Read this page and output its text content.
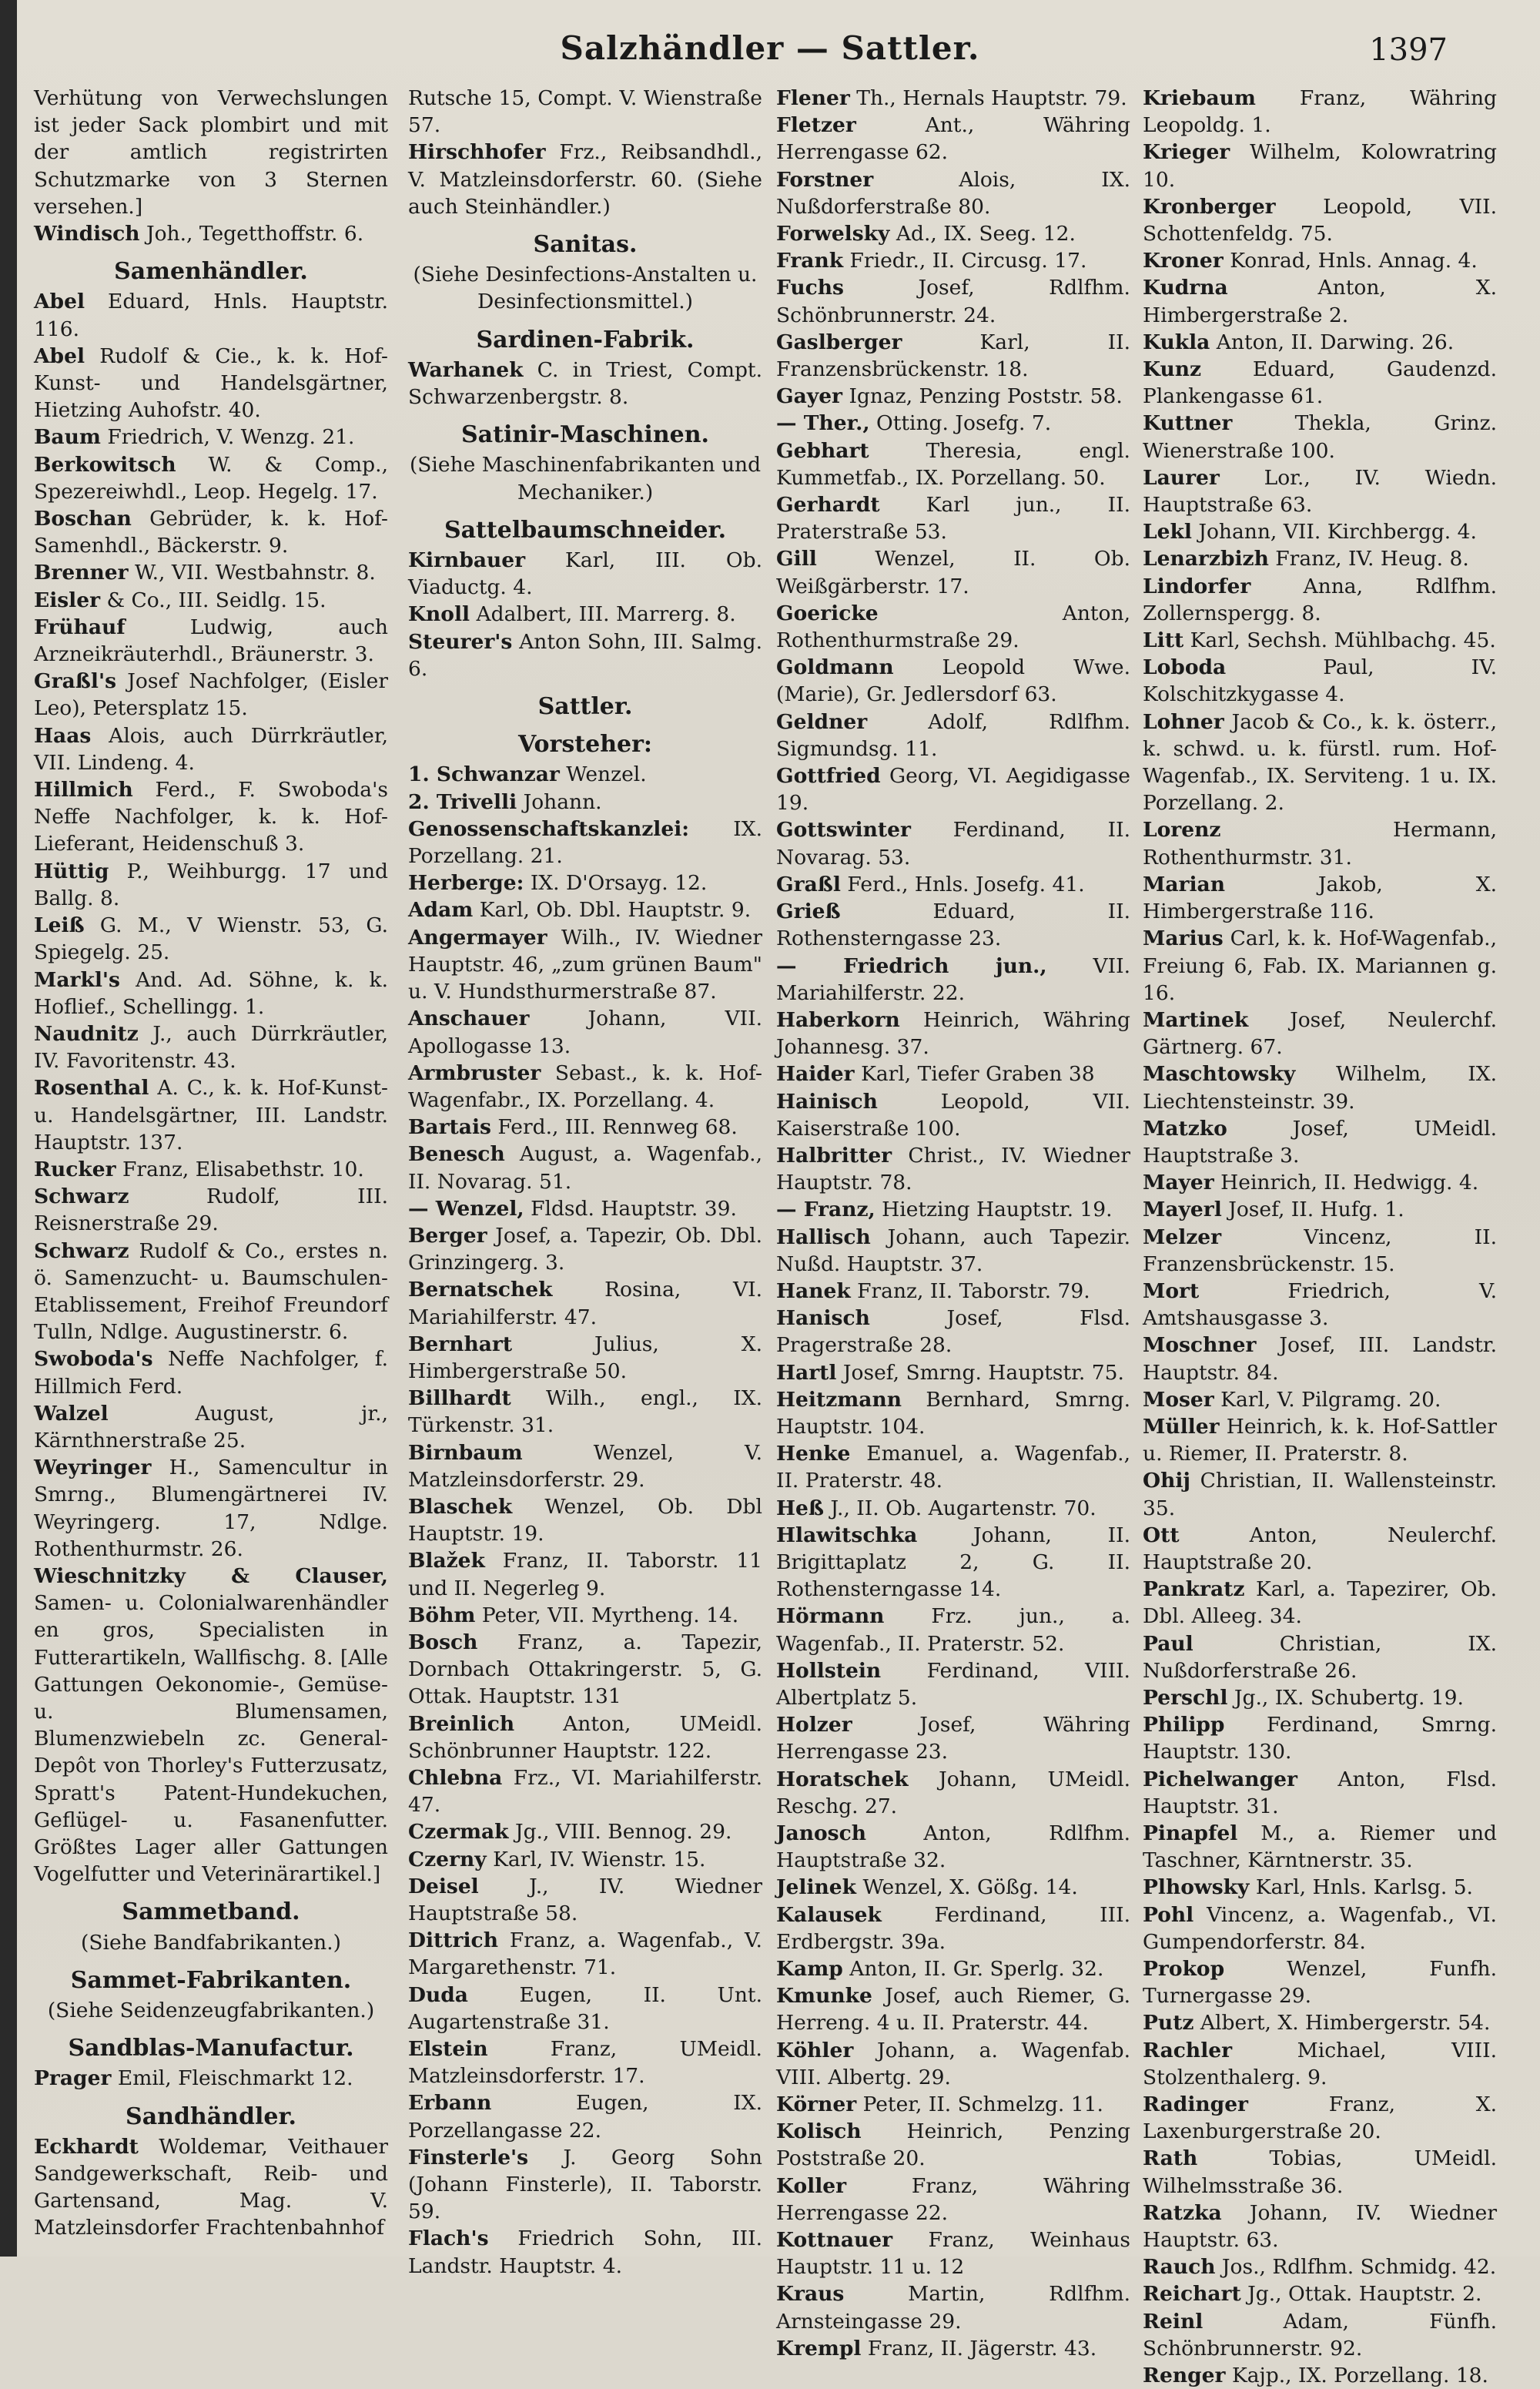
Salzhändler — Sattler.	1397
Verhütung von Verwechslungen ist jeder Sack plombirt und mit der amtlich registrirten Schutzmarke von 3 Sternen versehen.]
Windisch Joh., Tegetthoffstr. 6.
Samenhändler.
Abel Eduard, Hnls. Hauptstr. 116.
Abel Rudolf & Cie., k. k. Hof-Kunst- und Handelsgärtner, Hietzing Auhofstr. 40.
Baum Friedrich, V. Wenzg. 21.
Berkowitsch W. & Comp., Spezereiwhdl., Leop. Hegelg. 17.
Boschan Gebrüder, k. k. Hof-Samenhdl., Bäckerstr. 9.
Brenner W., VII. Westbahnstr. 8.
Eisler & Co., III. Seidlg. 15.
Frühauf Ludwig, auch Arzneikräuterhdl., Bräunerstr. 3.
Graßl's Josef Nachfolger, (Eisler Leo), Petersplatz 15.
Haas Alois, auch Dürrkräutler, VII. Lindeng. 4.
Hillmich Ferd., F. Swoboda's Neffe Nachfolger, k. k. Hof-Lieferant, Heidenschuß 3.
Hüttig P., Weihburgg. 17 und Ballg. 8.
Leiß G. M., V Wienstr. 53, G. Spiegelg. 25.
Markl's And. Ad. Söhne, k. k. Hoflief., Schellingg. 1.
Naudnitz J., auch Dürrkräutler, IV. Favoritenstr. 43.
Rosenthal A. C., k. k. Hof-Kunst- u. Handelsgärtner, III. Landstr. Hauptstr. 137.
Rucker Franz, Elisabethstr. 10.
Schwarz Rudolf, III. Reisnerstraße 29.
Schwarz Rudolf & Co., erstes n. ö. Samenzucht- u. Baumschulen-Etablissement, Freihof Freundorf Tulln, Ndlge. Augustinerstr. 6.
Swoboda's Neffe Nachfolger, f. Hillmich Ferd.
Walzel August, jr., Kärnthnerstraße 25.
Weyringer H., Samencultur in Smrng., Blumengärtnerei IV. Weyringerg. 17, Ndlge. Rothenthurmstr. 26.
Wieschnitzky & Clauser, Samen- u. Colonialwarenhändler en gros, Specialisten in Futterartikeln, Wallfischg. 8. [Alle Gattungen Oekonomie-, Gemüse- u. Blumensamen, Blumenzwiebeln zc. General-Depôt von Thorley's Futterzusatz, Spratt's Patent-Hundekuchen, Geflügel- u. Fasanenfutter. Größtes Lager aller Gattungen Vogelfutter und Veterinärartikel.]
Sammetband.
(Siehe Bandfabrikanten.)
Sammet-Fabrikanten.
(Siehe Seidenzeugfabrikanten.)
Sandblas-Manufactur.
Prager Emil, Fleischmarkt 12.
Sandhändler.
Eckhardt Woldemar, Veithauer Sandgewerkschaft, Reib- und Gartensand, Mag. V. Matzleinsdorfer Frachtenbahnhof
Rutsche 15, Compt. V. Wienstraße 57.
Hirschhofer Frz., Reibsandhdl., V. Matzleinsdorferstr. 60. (Siehe auch Steinhändler.)
Sanitas.
(Siehe Desinfections-Anstalten u. Desinfectionsmittel.)
Sardinen-Fabrik.
Warhanek C. in Triest, Compt. Schwarzenbergstr. 8.
Satinir-Maschinen.
(Siehe Maschinenfabrikanten und Mechaniker.)
Sattelbaumschneider.
Kirnbauer Karl, III. Ob. Viaductg. 4.
Knoll Adalbert, III. Marrerg. 8.
Steurer's Anton Sohn, III. Salmg. 6.
Sattler.
Vorsteher:
1. Schwanzar Wenzel.
2. Trivelli Johann.
Genossenschaftskanzlei: IX. Porzellang. 21.
Herberge: IX. D'Orsayg. 12.
Adam Karl, Ob. Dbl. Hauptstr. 9.
Angermayer Wilh., IV. Wiedner Hauptstr. 46, „zum grünen Baum" u. V. Hundsthurmerstraße 87.
Anschauer Johann, VII. Apollogasse 13.
Armbruster Sebast., k. k. Hof-Wagenfabr., IX. Porzellang. 4.
Bartais Ferd., III. Rennweg 68.
Benesch August, a. Wagenfab., II. Novarag. 51.
— Wenzel, Fldsd. Hauptstr. 39.
Berger Josef, a. Tapezir, Ob. Dbl. Grinzingerg. 3.
Bernatschek Rosina, VI. Mariahilferstr. 47.
Bernhart Julius, X. Himbergerstraße 50.
Billhardt Wilh., engl., IX. Türkenstr. 31.
Birnbaum Wenzel, V. Matzleinsdorferstr. 29.
Blaschek Wenzel, Ob. Dbl Hauptstr. 19.
Blažek Franz, II. Taborstr. 11 und II. Negerleg 9.
Böhm Peter, VII. Myrtheng. 14.
Bosch Franz, a. Tapezir, Dornbach Ottakringerstr. 5, G. Ottak. Hauptstr. 131
Breinlich Anton, UMeidl. Schönbrunner Hauptstr. 122.
Chlebna Frz., VI. Mariahilferstr. 47.
Czermak Jg., VIII. Bennog. 29.
Czerny Karl, IV. Wienstr. 15.
Deisel J., IV. Wiedner Hauptstraße 58.
Dittrich Franz, a. Wagenfab., V. Margarethenstr. 71.
Duda Eugen, II. Unt. Augartenstraße 31.
Elstein Franz, UMeidl. Matzleinsdorferstr. 17.
Erbann Eugen, IX. Porzellangasse 22.
Finsterle's J. Georg Sohn (Johann Finsterle), II. Taborstr. 59.
Flach's Friedrich Sohn, III. Landstr. Hauptstr. 4.
Flener Th., Hernals Hauptstr. 79.
Fletzer Ant., Währing Herrengasse 62.
Forstner Alois, IX. Nußdorferstraße 80.
Forwelsky Ad., IX. Seeg. 12.
Frank Friedr., II. Circusg. 17.
Fuchs Josef, Rdlfhm. Schönbrunnerstr. 24.
Gaslberger Karl, II. Franzensbrückenstr. 18.
Gayer Ignaz, Penzing Poststr. 58.
— Ther., Otting. Josefg. 7.
Gebhart Theresia, engl. Kummetfab., IX. Porzellang. 50.
Gerhardt Karl jun., II. Praterstraße 53.
Gill Wenzel, II. Ob. Weißgärberstr. 17.
Goericke Anton, Rothenthurmstraße 29.
Goldmann Leopold Wwe. (Marie), Gr. Jedlersdorf 63.
Geldner Adolf, Rdlfhm. Sigmundsg. 11.
Gottfried Georg, VI. Aegidigasse 19.
Gottswinter Ferdinand, II. Novarag. 53.
Graßl Ferd., Hnls. Josefg. 41.
Grieß Eduard, II. Rothensterngasse 23.
— Friedrich jun., VII. Mariahilferstr. 22.
Haberkorn Heinrich, Währing Johannesg. 37.
Haider Karl, Tiefer Graben 38
Hainisch Leopold, VII. Kaiserstraße 100.
Halbritter Christ., IV. Wiedner Hauptstr. 78.
— Franz, Hietzing Hauptstr. 19.
Hallisch Johann, auch Tapezir. Nußd. Hauptstr. 37.
Hanek Franz, II. Taborstr. 79.
Hanisch Josef, Flsd. Pragerstraße 28.
Hartl Josef, Smrng. Hauptstr. 75.
Heitzmann Bernhard, Smrng. Hauptstr. 104.
Henke Emanuel, a. Wagenfab., II. Praterstr. 48.
Heß J., II. Ob. Augartenstr. 70.
Hlawitschka Johann, II. Brigittaplatz 2, G. II. Rothensterngasse 14.
Hörmann Frz. jun., a. Wagenfab., II. Praterstr. 52.
Hollstein Ferdinand, VIII. Albertplatz 5.
Holzer Josef, Währing Herrengasse 23.
Horatschek Johann, UMeidl. Reschg. 27.
Janosch Anton, Rdlfhm. Hauptstraße 32.
Jelinek Wenzel, X. Gößg. 14.
Kalausek Ferdinand, III. Erdbergstr. 39a.
Kamp Anton, II. Gr. Sperlg. 32.
Kmunke Josef, auch Riemer, G. Herreng. 4 u. II. Praterstr. 44.
Köhler Johann, a. Wagenfab. VIII. Albertg. 29.
Körner Peter, II. Schmelzg. 11.
Kolisch Heinrich, Penzing Poststraße 20.
Koller Franz, Währing Herrengasse 22.
Kottnauer Franz, Weinhaus Hauptstr. 11 u. 12
Kraus Martin, Rdlfhm. Arnsteingasse 29.
Krempl Franz, II. Jägerstr. 43.
Kriebaum Franz, Währing Leopoldg. 1.
Krieger Wilhelm, Kolowratring 10.
Kronberger Leopold, VII. Schottenfeldg. 75.
Kroner Konrad, Hnls. Annag. 4.
Kudrna Anton, X. Himbergerstraße 2.
Kukla Anton, II. Darwing. 26.
Kunz Eduard, Gaudenzd. Plankengasse 61.
Kuttner Thekla, Grinz. Wienerstraße 100.
Laurer Lor., IV. Wiedn. Hauptstraße 63.
Lekl Johann, VII. Kirchbergg. 4.
Lenarzbizh Franz, IV. Heug. 8.
Lindorfer Anna, Rdlfhm. Zollernspergg. 8.
Litt Karl, Sechsh. Mühlbachg. 45.
Loboda Paul, IV. Kolschitzkygasse 4.
Lohner Jacob & Co., k. k. österr., k. schwd. u. k. fürstl. rum. Hof-Wagenfab., IX. Serviteng. 1 u. IX. Porzellang. 2.
Lorenz Hermann, Rothenthurmstr. 31.
Marian Jakob, X. Himbergerstraße 116.
Marius Carl, k. k. Hof-Wagenfab., Freiung 6, Fab. IX. Mariannen g. 16.
Martinek Josef, Neulerchf. Gärtnerg. 67.
Maschtowsky Wilhelm, IX. Liechtensteinstr. 39.
Matzko Josef, UMeidl. Hauptstraße 3.
Mayer Heinrich, II. Hedwigg. 4.
Mayerl Josef, II. Hufg. 1.
Melzer Vincenz, II. Franzensbrückenstr. 15.
Mort Friedrich, V. Amtshausgasse 3.
Moschner Josef, III. Landstr. Hauptstr. 84.
Moser Karl, V. Pilgramg. 20.
Müller Heinrich, k. k. Hof-Sattler u. Riemer, II. Praterstr. 8.
Ohij Christian, II. Wallensteinstr. 35.
Ott Anton, Neulerchf. Hauptstraße 20.
Pankratz Karl, a. Tapezirer, Ob. Dbl. Alleeg. 34.
Paul Christian, IX. Nußdorferstraße 26.
Perschl Jg., IX. Schubertg. 19.
Philipp Ferdinand, Smrng. Hauptstr. 130.
Pichelwanger Anton, Flsd. Hauptstr. 31.
Pinapfel M., a. Riemer und Taschner, Kärntnerstr. 35.
Plhowsky Karl, Hnls. Karlsg. 5.
Pohl Vincenz, a. Wagenfab., VI. Gumpendorferstr. 84.
Prokop Wenzel, Funfh. Turnergasse 29.
Putz Albert, X. Himbergerstr. 54.
Rachler Michael, VIII. Stolzenthalerg. 9.
Radinger Franz, X. Laxenburgerstraße 20.
Rath Tobias, UMeidl. Wilhelmsstraße 36.
Ratzka Johann, IV. Wiedner Hauptstr. 63.
Rauch Jos., Rdlfhm. Schmidg. 42.
Reichart Jg., Ottak. Hauptstr. 2.
Reinl Adam, Fünfh. Schönbrunnerstr. 92.
Renger Kajp., IX. Porzellang. 18.
